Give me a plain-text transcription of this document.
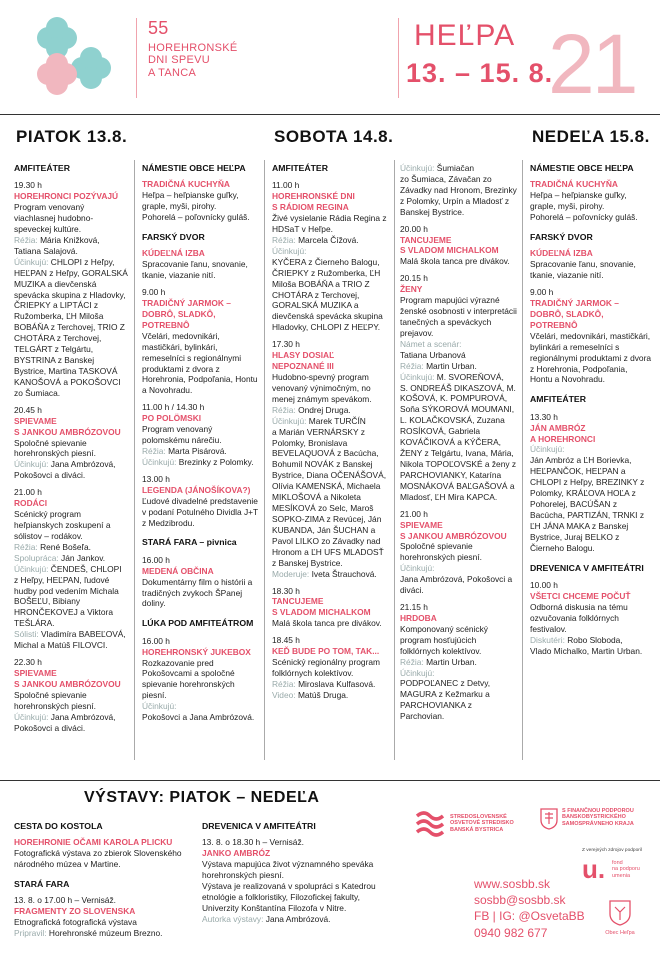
55
HOREHRONSKÉ
DNI SPEVU
A TANCA
HEĽPA
13. – 15. 8.
21
PIATOK 13.8.	SOBOTA 14.8.	NEDEĽA 15.8.
AMFITEÁTER
19.30 h
HOREHRONCI POZÝVAJÚ
Program venovaný viachlasnej hudobno-speveckej kultúre.
Réžia: Mária Knižková,
Tatiana Salajová.
Účinkujú: CHLOPI z Heľpy,
HEĽPAN z Heľpy, GORALSKÁ MUZIKA a dievčenská spevácka skupina z Hladovky, ČRIEPKY a LIPTÁCI z Ružomberka, ĽH Miloša BOBÁŇA z Terchovej, TRIO Z CHOTÁRA z Terchovej, TELGÁRT z Telgártu, BYSTRINA z Banskej Bystrice, Martina TASKOVÁ KANOŠOVÁ a POKOŠOVCI zo Šumiaca.
20.45 h
SPIEVAME
S JANKOU AMBRÓZOVOU
Spoločné spievanie horehronských piesní.
Účinkujú: Jana Ambrózová,
Pokošovci a diváci.
21.00 h
RODÁCI
Scénický program heľpianskych zoskupení a sólistov – rodákov.
Réžia: René Bošeľa.
Spolupráca: Ján Jankov.
Účinkujú: ČENDEŠ, CHLOPI
z Heľpy, HEĽPAN, ľudové hudby pod vedením Michala BOŠEĽU, Bibiany HRONČEKOVEJ a Viktora TEŠLÁRA.
Sólisti: Vladimíra BABEĽOVÁ,
Michal a Matúš FILOVCI.
22.30 h
SPIEVAME
S JANKOU AMBRÓZOVOU
Spoločné spievanie horehronských piesní.
Účinkujú: Jana Ambrózová,
Pokošovci a diváci.
NÁMESTIE OBCE HEĽPA
TRADIČNÁ KUCHYŇA
Heľpa – heľpianske guľky, graple, myši, pirohy.
Pohorelá – poľovnícky guláš.
FARSKÝ DVOR
KÚDEĽNÁ IZBA
Spracovanie ľanu, snovanie, tkanie, viazanie nití.
9.00 h
TRADIČNÝ JARMOK –
DOBRÔ, SLADKÔ, POTREBNÔ
Včelári, medovnikári, mastičkári, bylinkári, remeselníci s regionálnymi produktami z dvora z Horehronia, Podpoľania, Hontu a Novohradu.
11.00 h / 14.30 h
PO POLÖMSKI
Program venovaný polomskému nárečiu.
Réžia: Marta Pisárová.
Účinkujú: Brezinky z Polomky.
13.00 h
LEGENDA (JÁNOŠÍKOVA?)
Ľudové divadelné predstavenie v podaní Potulného Dividla J+T z Medzibrodu.
STARÁ FARA – pivnica
16.00 h
MEDENÁ OBČINA
Dokumentárny film o histórii a tradičných zvykoch ŠPanej doliny.
LÚKA POD AMFITEÁTROM
16.00 h
HOREHRONSKÝ JUKEBOX
Rozkazovanie pred Pokošovcami a spoločné spievanie horehronských piesní.
Účinkujú:
Pokošovci a Jana Ambrózová.
AMFITEÁTER
11.00 h
HOREHRONSKÉ DNI
S RÁDIOM REGINA
Živé vysielanie Rádia Regina z HDSaT v Heľpe.
Réžia: Marcela Čížová.
Účinkujú:
KYČERA z Čierneho Balogu, ČRIEPKY z Ružomberka, ĽH Miloša BOBÁŇA a TRIO Z CHOTÁRA z Terchovej, GORALSKÁ MUZIKA a dievčenská spevácka skupina Hladovky, CHLOPI Z HEĽPY.
17.30 h
HLASY DOSIAĽ
NEPOZNANÉ III
Hudobno-spevný program venovaný výnimočným, no menej známym spevákom.
Réžia: Ondrej Druga.
Účinkujú: Marek TURČÍN
a Marián VERNÁRSKY z Polomky, Bronislava BEVELAQUOVÁ z Bacúcha, Bohumil NOVÁK z Banskej Bystrice, Diana OČENÁŠOVÁ, Olívia KAMENSKÁ, Michaela MIKLOŠOVÁ a Nikoleta MESÍKOVÁ zo Selc, Maroš SOPKO-ZIMA z Revúcej, Ján KUBANDA, Ján ŠUCHAN a Pavol LILKO zo Závadky nad Hronom a ĽH UFS MLADOSŤ z Banskej Bystrice.
Moderuje: Iveta Štrauchová.
18.30 h
TANCUJEME
S VLADOM MICHALKOM
Malá škola tanca pre divákov.
18.45 h
KEĎ BUDE PO TOM, TAK...
Scénický regionálny program folklórnych kolektívov.
Réžia: Miroslava Kulfasová.
Video: Matúš Druga.
Účinkujú: Šumiačan
zo Šumiaca, Závačan zo Závadky nad Hronom, Brezinky z Polomky, Urpín a Mladosť z Banskej Bystrice.
20.00 h
TANCUJEME
S VLADOM MICHALKOM
Malá škola tanca pre divákov.
20.15 h
ŽENY
Program mapujúci výrazné ženské osobnosti v interpretácii tanečných a speváckych prejavov.
Námet a scenár:
Tatiana Urbanová
Réžia: Martin Urban.
Účinkujú: M. SVOREŇOVÁ,
S. ONDREÁŠ DIKASZOVÁ, M. KOŠOVÁ, K. POMPUROVÁ, Soňa SÝKOROVÁ MOUMANI, L. KOLAČKOVSKÁ, Zuzana ROSÍKOVÁ, Gabriela KOVÁČIKOVÁ a KÝČERA, ŽENY z Telgártu, Ivana, Mária, Nikola TOPOĽOVSKÉ a ženy z PARCHOVIANKY, Katarína MOSNÁKOVÁ BAĽGAŠOVÁ a Mladosť, ĽH Mira KAPCA.
21.00 h
SPIEVAME
S JANKOU AMBRÓZOVOU
Spoločné spievanie horehronských piesní.
Účinkujú:
Jana Ambrózová, Pokošovci a diváci.
21.15 h
HRDOBA
Komponovaný scénický program hosťujúcich folklórnych kolektívov.
Réžia: Martin Urban.
Účinkujú:
PODPOĽANEC z Detvy, MAGURA z Kežmarku a PARCHOVIANKA z Parchovian.
NÁMESTIE OBCE HEĽPA
TRADIČNÁ KUCHYŇA
Heľpa – heľpianske guľky, graple, myši, pirohy.
Pohorelá – poľovnícky guláš.
FARSKÝ DVOR
KÚDEĽNÁ IZBA
Spracovanie ľanu, snovanie, tkanie, viazanie nití.
9.00 h
TRADIČNÝ JARMOK –
DOBRÔ, SLADKÔ, POTREBNÔ
Včelári, medovnikári, mastičkári, bylinkári a remeselníci s regionálnymi produktami z dvora z Horehronia, Podpoľania, Hontu a Novohradu.
AMFITEÁTER
13.30 h
JÁN AMBRÓZ
A HOREHRONCI
Účinkujú:
Ján Ambróz a ĽH Borievka, HEĽPANČOK, HEĽPAN a CHLOPI z Heľpy, BREZINKY z Polomky, KRÁĽOVA HOĽA z Pohorelej, BACÚŠAN z Bacúcha, PARTIZÁN, TRNKI z ĽH JÁNA MAKA z Banskej Bystrice, Juraj BELKO z Čierneho Balogu.
DREVENICA V AMFITEÁTRI
10.00 h
VŠETCI CHCEME POČUŤ
Odborná diskusia na tému ozvučovania folklórnych festivalov.
Diskutéri: Robo Sloboda,
Vlado Michalko, Martin Urban.
VÝSTAVY: PIATOK – NEDEĽA
CESTA DO KOSTOLA
HOREHRONIE OČAMI KAROLA PLICKU
Fotografická výstava zo zbierok Slovenského národného múzea v Martine.
STARÁ FARA
13. 8. o 17.00 h – Vernisáž.
FRAGMENTY ZO SLOVENSKA
Etnografická fotografická výstava
Pripravil: Horehronské múzeum Brezno.
DREVENICA V AMFITEÁTRI
13. 8. o 18.30 h – Vernisáž.
JANKO AMBRÓZ
Výstava mapujúca život významného speváka horehronských piesní.
Výstava je realizovaná v spolupráci s Katedrou etnológie a folkloristiky, Filozofickej fakulty, Univerzity Konštantína Filozofa v Nitre.
Autorka výstavy: Jana Ambrózová.
STREDOSLOVENSKÉ
OSVETOVÉ STREDISKO
BANSKÁ BYSTRICA
S FINANČNOU PODPOROU
BANSKOBYSTRICKÉHO
SAMOSPRÁVNEHO KRAJA
Z verejných zdrojov podporil
u. fond
na podporu
umenia
Obec Heľpa
www.sosbb.sk
sosbb@sosbb.sk
FB | IG: @OsvetaBB
0940 982 677
